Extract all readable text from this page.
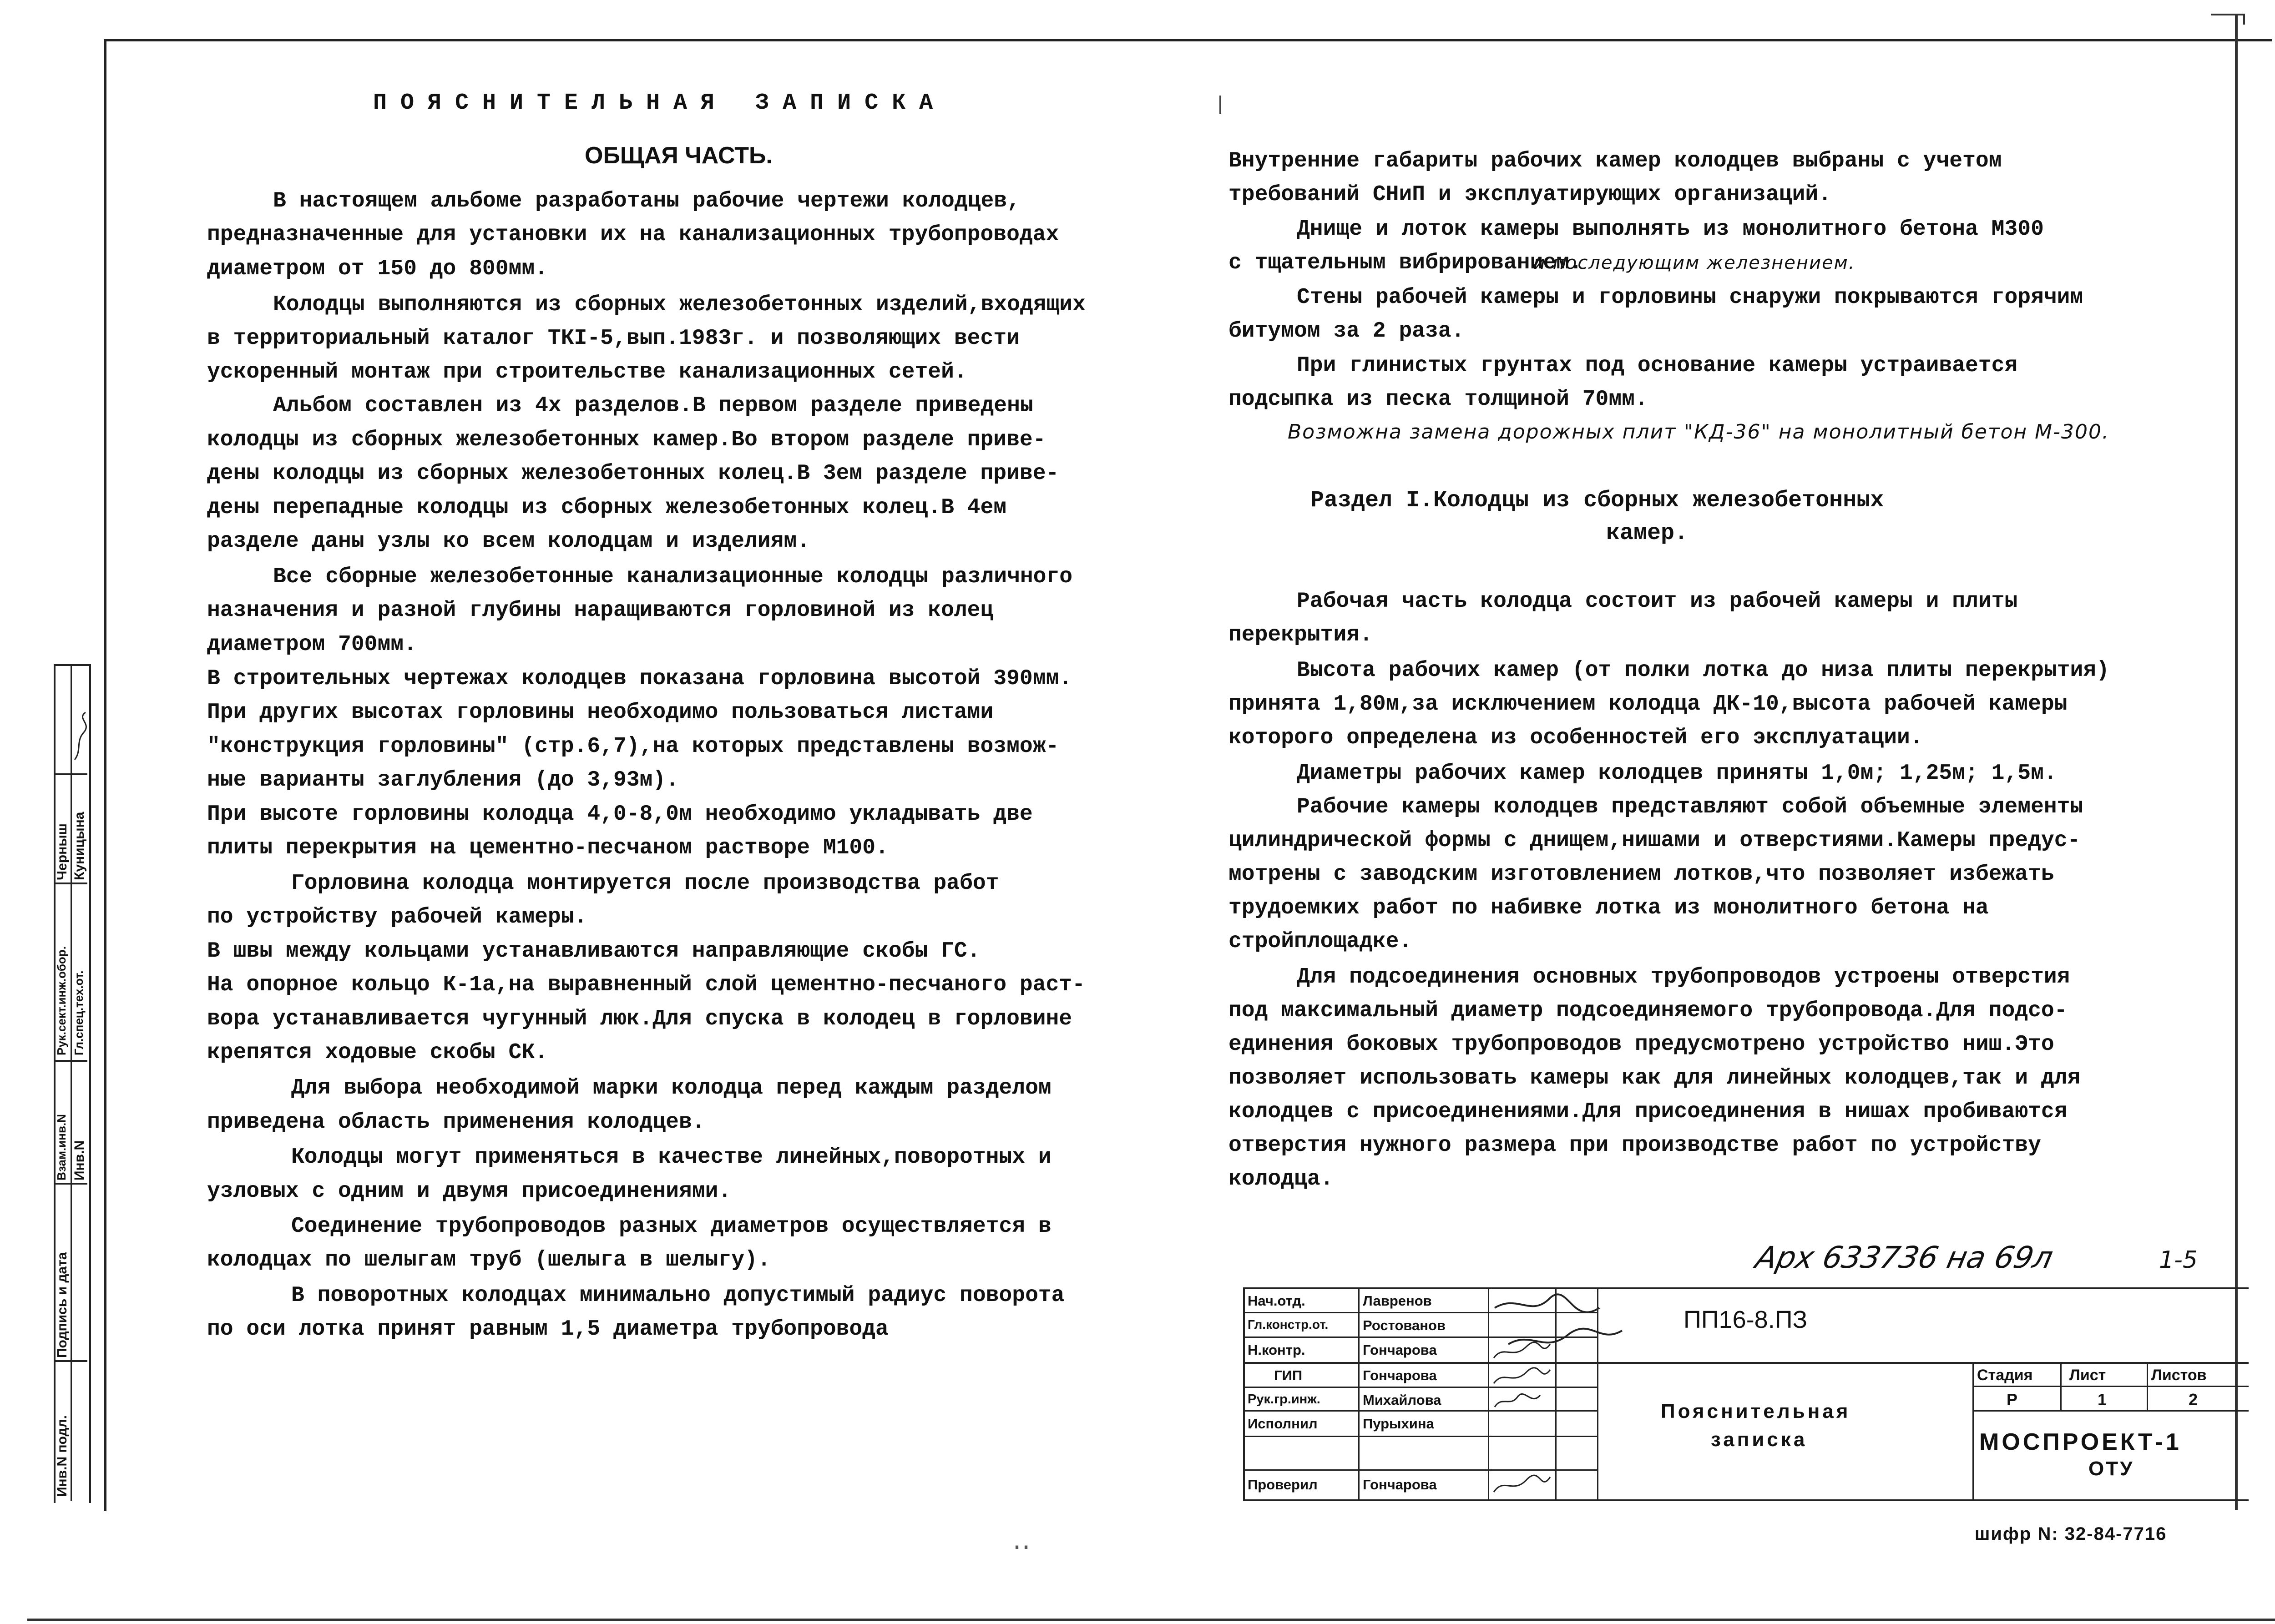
ПОЯСНИТЕЛЬНАЯ ЗАПИСКА
ОБЩАЯ ЧАСТЬ.
В настоящем альбоме разработаны рабочие чертежи колодцев,
предназначенные для установки их на канализационных трубопроводах
диаметром от 150 до 800мм.
Колодцы выполняются из сборных железобетонных изделий,входящих
в территориальный каталог ТКI-5,вып.1983г. и позволяющих вести
ускоренный монтаж при строительстве канализационных сетей.
Альбом составлен из 4х разделов.В первом разделе приведены
колодцы из сборных железобетонных камер.Во втором разделе приве-
дены колодцы из сборных железобетонных колец.В 3ем разделе приве-
дены перепадные колодцы из сборных железобетонных колец.В 4ем
разделе даны узлы ко всем колодцам и изделиям.
Все сборные железобетонные канализационные колодцы различного
назначения и разной глубины наращиваются горловиной из колец
диаметром 700мм.
В строительных чертежах колодцев показана горловина высотой 390мм.
При других высотах горловины необходимо пользоваться листами
"конструкция горловины" (стр.6,7),на которых представлены возмож-
ные варианты заглубления (до 3,93м).
При высоте горловины колодца 4,0-8,0м необходимо укладывать две
плиты перекрытия на цементно-песчаном растворе М100.
Горловина колодца монтируется после производства работ
по устройству рабочей камеры.
В швы между кольцами устанавливаются направляющие скобы ГС.
На опорное кольцо К-1а,на выравненный слой цементно-песчаного раст-
вора устанавливается чугунный люк.Для спуска в колодец в горловине
крепятся ходовые скобы СК.
Для выбора необходимой марки колодца перед каждым разделом
приведена область применения колодцев.
Колодцы могут применяться в качестве линейных,поворотных и
узловых с одним и двумя присоединениями.
Соединение трубопроводов разных диаметров осуществляется в
колодцах по шелыгам труб (шелыга в шелыгу).
В поворотных колодцах минимально допустимый радиус поворота
по оси лотка принят равным 1,5 диаметра трубопровода
Внутренние габариты рабочих камер колодцев выбраны с учетом
требований СНиП и эксплуатирующих организаций.
Днище и лоток камеры выполнять из монолитного бетона М300
с тщательным вибрированием.
и последующим железнением.
Стены рабочей камеры и горловины снаружи покрываются горячим
битумом за 2 раза.
При глинистых грунтах под основание камеры устраивается
подсыпка из песка толщиной 70мм.
Возможна замена дорожных плит "КД-36" на монолитный бетон М-300.
Раздел I.Колодцы из сборных железобетонных
камер.
Рабочая часть колодца состоит из рабочей камеры и плиты
перекрытия.
Высота рабочих камер (от полки лотка до низа плиты перекрытия)
принята 1,80м,за исключением колодца ДК-10,высота рабочей камеры
которого определена из особенностей его эксплуатации.
Диаметры рабочих камер колодцев приняты 1,0м; 1,25м; 1,5м.
Рабочие камеры колодцев представляют собой объемные элементы
цилиндрической формы с днищем,нишами и отверстиями.Камеры предус-
мотрены с заводским изготовлением лотков,что позволяет избежать
трудоемких работ по набивке лотка из монолитного бетона на
стройплощадке.
Для подсоединения основных трубопроводов устроены отверстия
под максимальный диаметр подсоединяемого трубопровода.Для подсо-
единения боковых трубопроводов предусмотрено устройство ниш.Это
позволяет использовать камеры как для линейных колодцев,так и для
колодцев с присоединениями.Для присоединения в нишах пробиваются
отверстия нужного размера при производстве работ по устройству
колодца.
Рук.сект.инж.обор.
Черныш
Гл.спец.тех.от.
Куницына
Инв.N
Взам.инв.N
Подпись и дата
Инв.N подл.
Нач.отд.	Лавренов
Гл.констр.от. Ростованов
Н.контр.	Гончарова
ГИП	Гончарова
Рук.гр.инж.	Михайлова
Исполнил	Пурыхина
Проверил	Гончарова
ПП16-8.ПЗ
Пояснительная
записка
Стадия Лист	Листов
Р	1	2
МОСПРОЕКТ-1
ОТУ
Арх 633736 на 69л	1-5
шифр N: 32-84-7716
‥
